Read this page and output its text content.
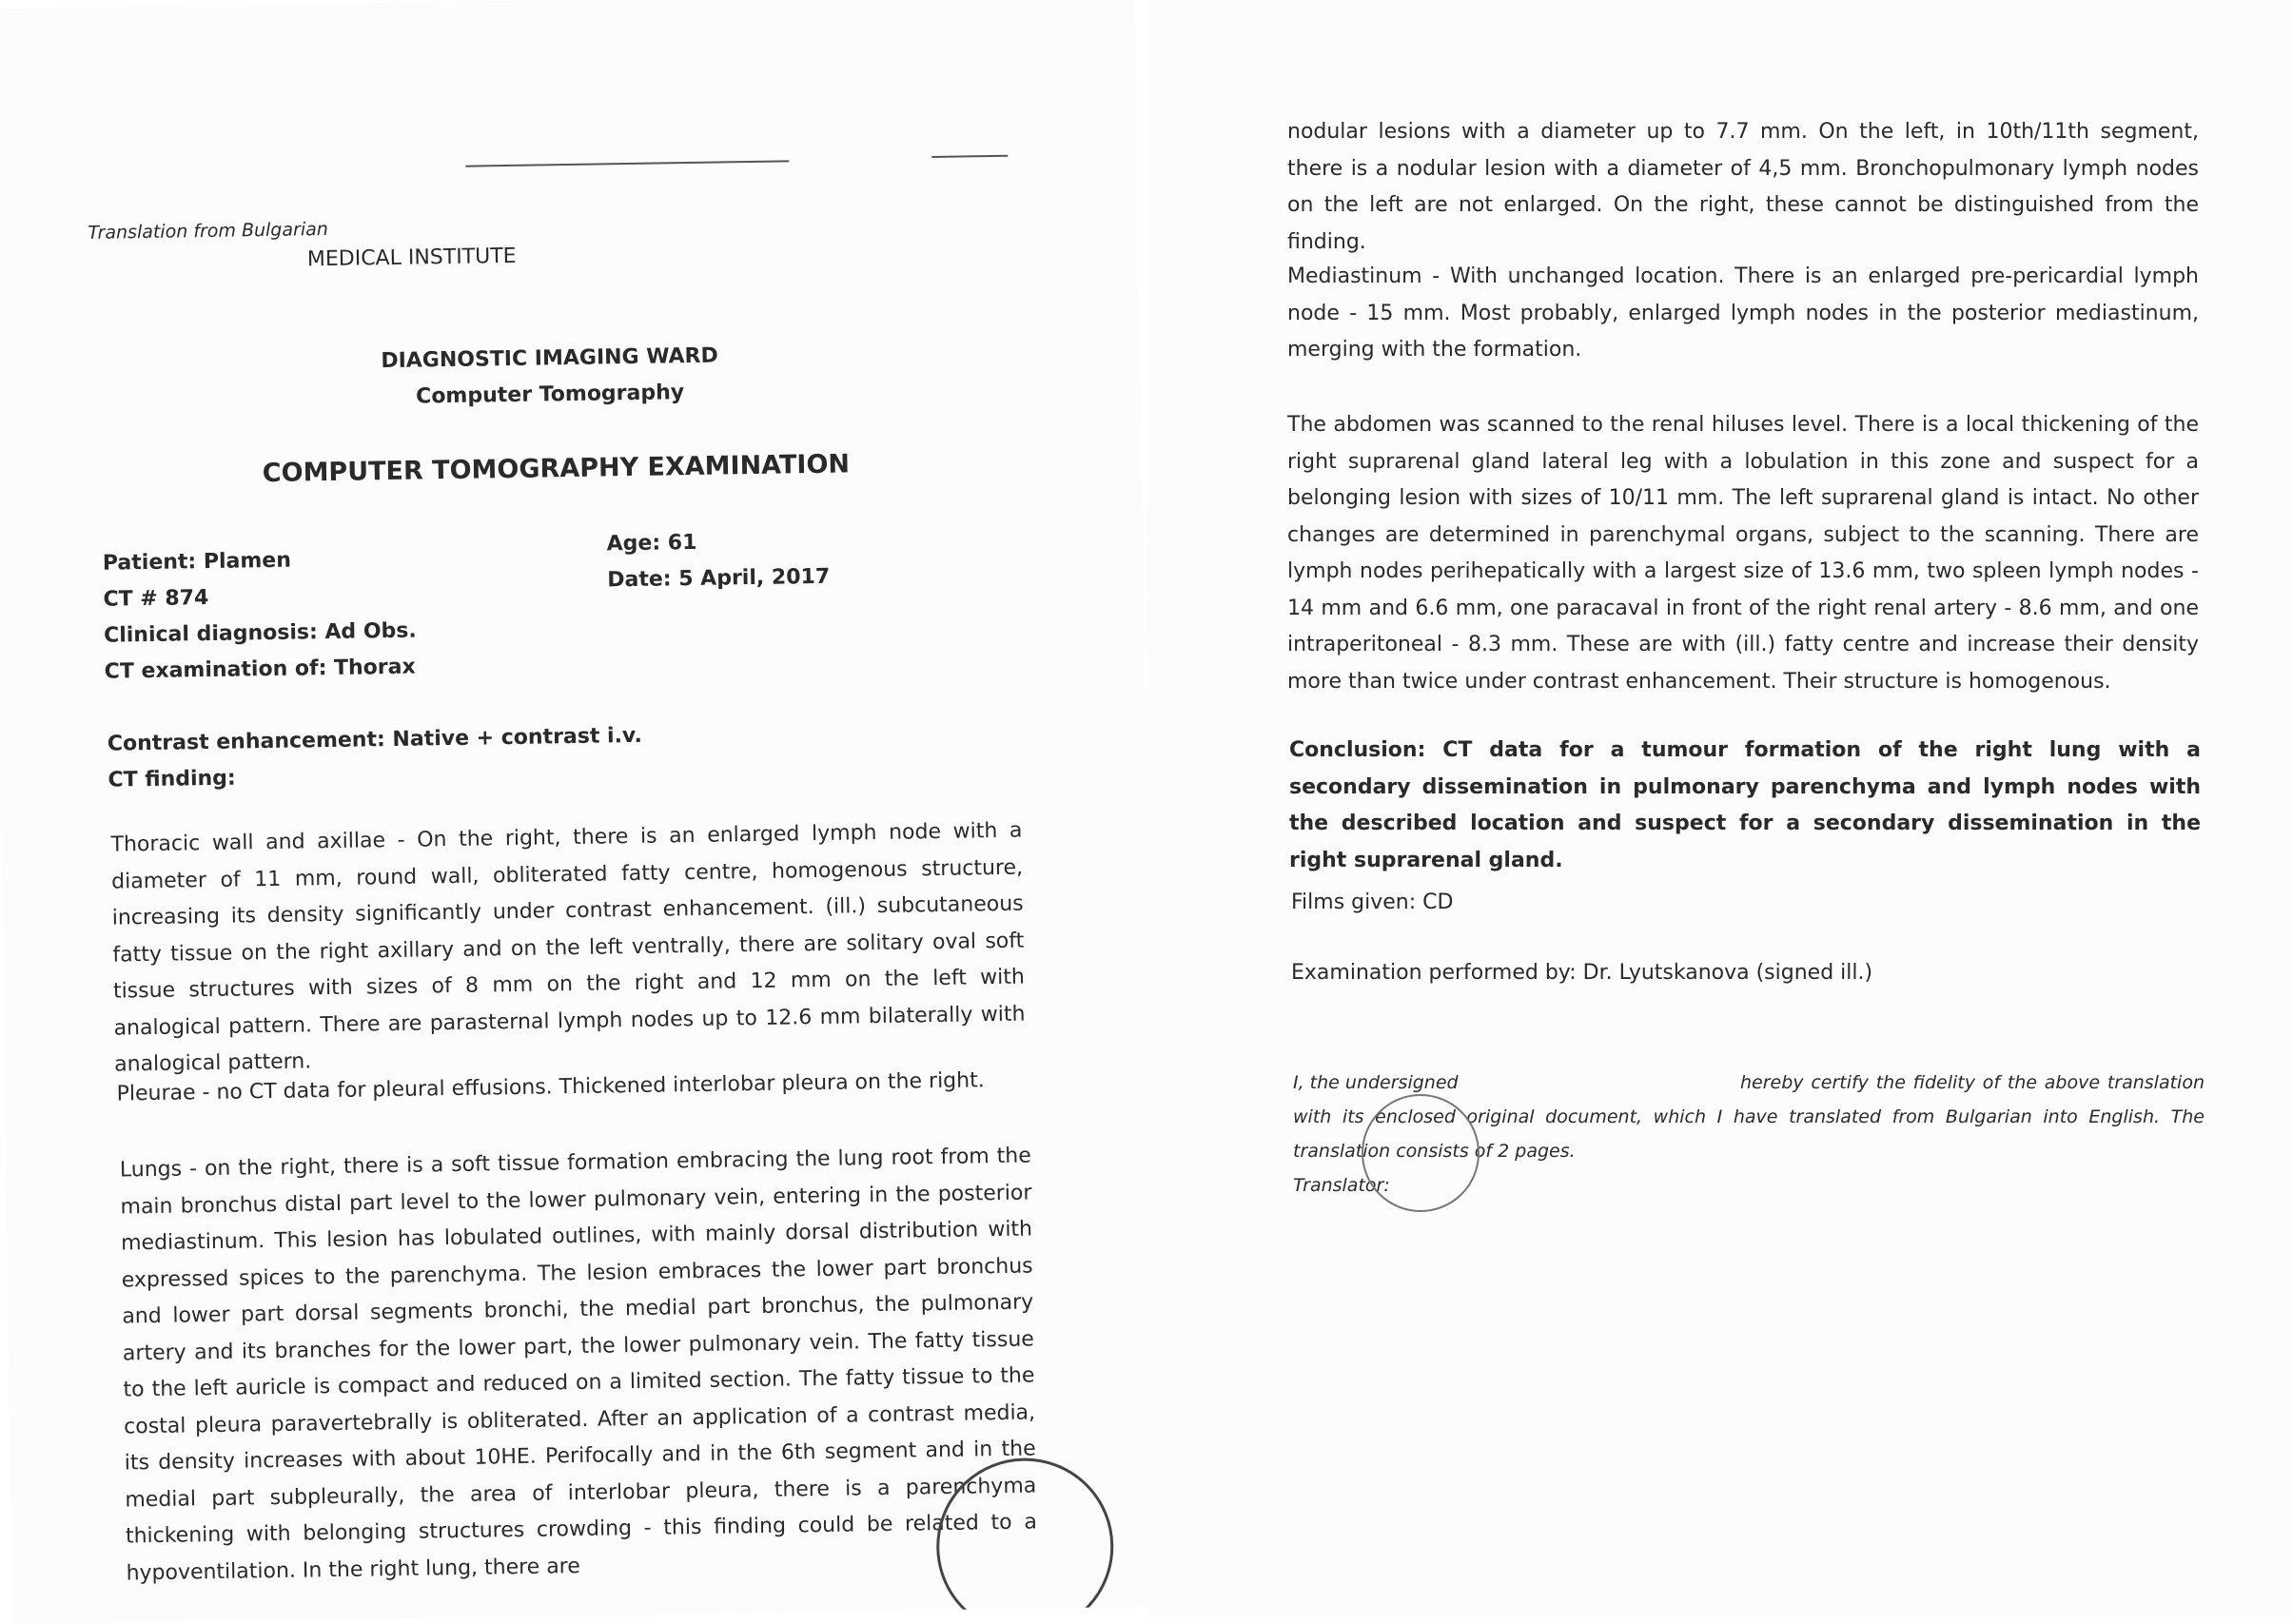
Translation from Bulgarian
MEDICAL INSTITUTE
DIAGNOSTIC IMAGING WARD
Computer Tomography
COMPUTER TOMOGRAPHY EXAMINATION
Patient: Plamen
CT # 874
Clinical diagnosis: Ad Obs.
CT examination of: Thorax
Age: 61
Date: 5 April, 2017
Contrast enhancement: Native + contrast i.v.
CT finding:
Thoracic wall and axillae - On the right, there is an enlarged lymph node with a diameter of 11 mm, round wall, obliterated fatty centre, homogenous structure, increasing its density significantly under contrast enhancement. (ill.) subcutaneous fatty tissue on the right axillary and on the left ventrally, there are solitary oval soft tissue structures with sizes of 8 mm on the right and 12 mm on the left with analogical pattern. There are parasternal lymph nodes up to 12.6 mm bilaterally with analogical pattern.
Pleurae - no CT data for pleural effusions. Thickened interlobar pleura on the right.
Lungs - on the right, there is a soft tissue formation embracing the lung root from the main bronchus distal part level to the lower pulmonary vein, entering in the posterior mediastinum. This lesion has lobulated outlines, with mainly dorsal distribution with expressed spices to the parenchyma. The lesion embraces the lower part bronchus and lower part dorsal segments bronchi, the medial part bronchus, the pulmonary artery and its branches for the lower part, the lower pulmonary vein. The fatty tissue to the left auricle is compact and reduced on a limited section. The fatty tissue to the costal pleura paravertebrally is obliterated. After an application of a contrast media, its density increases with about 10HE. Perifocally and in the 6th segment and in the medial part subpleurally, the area of interlobar pleura, there is a parenchyma thickening with belonging structures crowding - this finding could be related to a hypoventilation. In the right lung, there are
nodular lesions with a diameter up to 7.7 mm. On the left, in 10th/11th segment, there is a nodular lesion with a diameter of 4,5 mm. Bronchopulmonary lymph nodes on the left are not enlarged. On the right, these cannot be distinguished from the finding.
Mediastinum - With unchanged location. There is an enlarged pre-pericardial lymph node - 15 mm. Most probably, enlarged lymph nodes in the posterior mediastinum, merging with the formation.
The abdomen was scanned to the renal hiluses level. There is a local thickening of the right suprarenal gland lateral leg with a lobulation in this zone and suspect for a belonging lesion with sizes of 10/11 mm. The left suprarenal gland is intact. No other changes are determined in parenchymal organs, subject to the scanning. There are lymph nodes perihepatically with a largest size of 13.6 mm, two spleen lymph nodes - 14 mm and 6.6 mm, one paracaval in front of the right renal artery - 8.6 mm, and one intraperitoneal - 8.3 mm. These are with (ill.) fatty centre and increase their density more than twice under contrast enhancement. Their structure is homogenous.
Conclusion: CT data for a tumour formation of the right lung with a secondary dissemination in pulmonary parenchyma and lymph nodes with the described location and suspect for a secondary dissemination in the right suprarenal gland.
Films given: CD
Examination performed by: Dr. Lyutskanova (signed ill.)
I, the undersigned	hereby certify the fidelity of the above translation with its enclosed original document, which I have translated from Bulgarian into English. The translation consists of 2 pages.
Translator:
